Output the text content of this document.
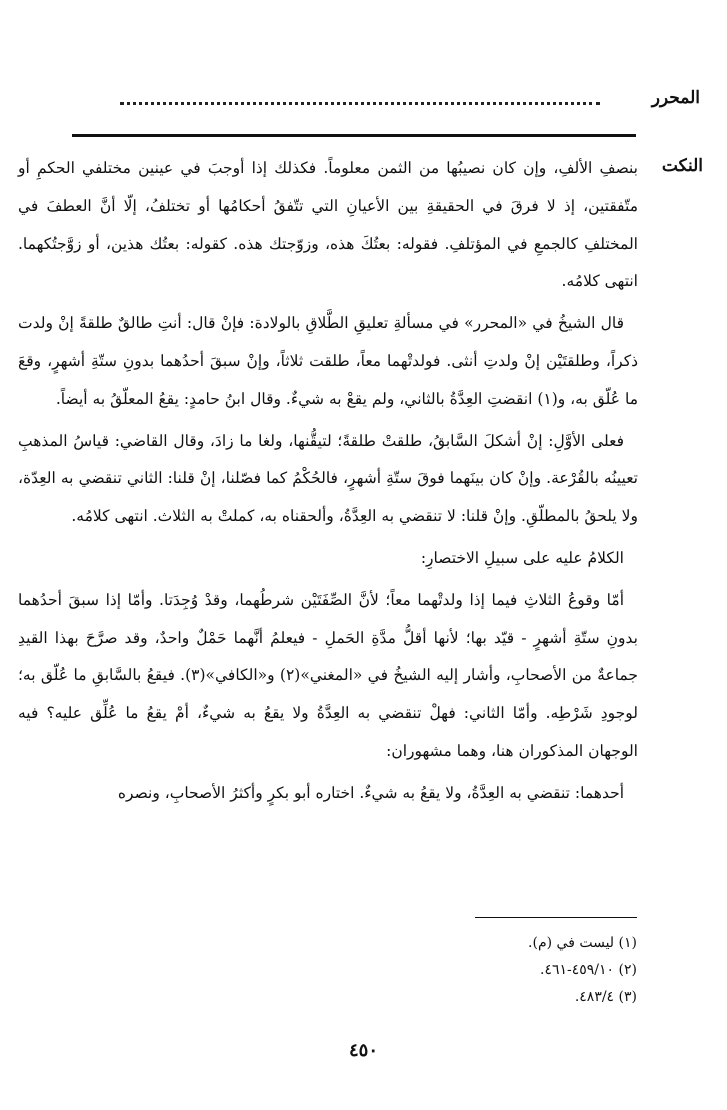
المحرر
النكت

بنصفِ الألفِ، وإن كان نصيبُها من الثمن معلوماً. فكذلك إذا أوجبَ في عينين مختلفي الحكمِ أو متّفقتين، إذ لا فرقَ في الحقيقةِ بين الأعيانِ التي تتّفقُ أحكامُها أو تختلفُ، إلّا أنَّ العطفَ في المختلفِ كالجمعِ في المؤتلفِ. فقوله: بعتُكَ هذه، وزوّجتك هذه. كقوله: بعتُك هذين، أو زوَّجتُكهما. انتهى كلامُه.

قال الشيخُ في «المحرر» في مسألةِ تعليقِ الطَّلاقِ بالولادة: فإنْ قال: أنتِ طالقٌ طلقةً إنْ ولدت ذكراً، وطلقتَيْن إنْ ولدتِ أنثى. فولدتْهما معاً، طلقت ثلاثاً، وإنْ سبقَ أحدُهما بدونِ ستّةِ أشهرٍ، وقعَ ما عُلّق به، و(١) انقضتِ العِدَّةُ بالثاني، ولم يقعْ به شيءٌ. وقال ابنُ حامدٍ: يقعُ المعلّقُ به أيضاً.

فعلى الأوَّلِ: إنْ أشكلَ السَّابقُ، طلقتْ طلقةً؛ لتيقُّنها، ولغا ما زادَ، وقال القاضي: قياسُ المذهبِ تعيينُه بالقُرْعة. وإنْ كان بينَهما فوقَ ستّةِ أشهرٍ، فالحُكْمُ كما فصّلنا، إنْ قلنا: الثاني تنقضي به العِدّة، ولا يلحقُ بالمطلّقِ. وإنْ قلنا: لا تنقضي به العِدَّةُ، وألحقناه به، كملتْ به الثلاث. انتهى كلامُه.

الكلامُ عليه على سبيلِ الاختصارِ:

أمّا وقوعُ الثلاثِ فيما إذا ولدتْهما معاً؛ لأنَّ الصِّفَتَيْن شرطُهما، وقدْ وُجِدَتا. وأمّا إذا سبقَ أحدُهما بدونِ ستّةِ أشهرٍ - قيّد بها؛ لأنها أقلُّ مدَّةِ الحَملِ - فيعلمُ أنَّهما حَمْلٌ واحدٌ، وقد صرَّحَ بهذا القيدِ جماعةٌ من الأصحابِ، وأشار إليه الشيخُ في «المغني»(٢) و«الكافي»(٣). فيقعُ بالسَّابقِ ما عُلّق به؛ لوجودِ شَرْطِه. وأمّا الثاني: فهلْ تنقضي به العِدَّةُ ولا يقعُ به شيءٌ، أمْ يقعُ ما عُلِّق عليه؟ فيه الوجهان المذكوران هنا، وهما مشهوران:

أحدهما: تنقضي به العِدَّةُ، ولا يقعُ به شيءٌ. اختاره أبو بكرٍ وأكثرُ الأصحابِ، ونصره

(١) ليست في (م).
(٢) ٤٥٩/١٠-٤٦١.
(٣) ٤٨٣/٤.
٤٥٠
